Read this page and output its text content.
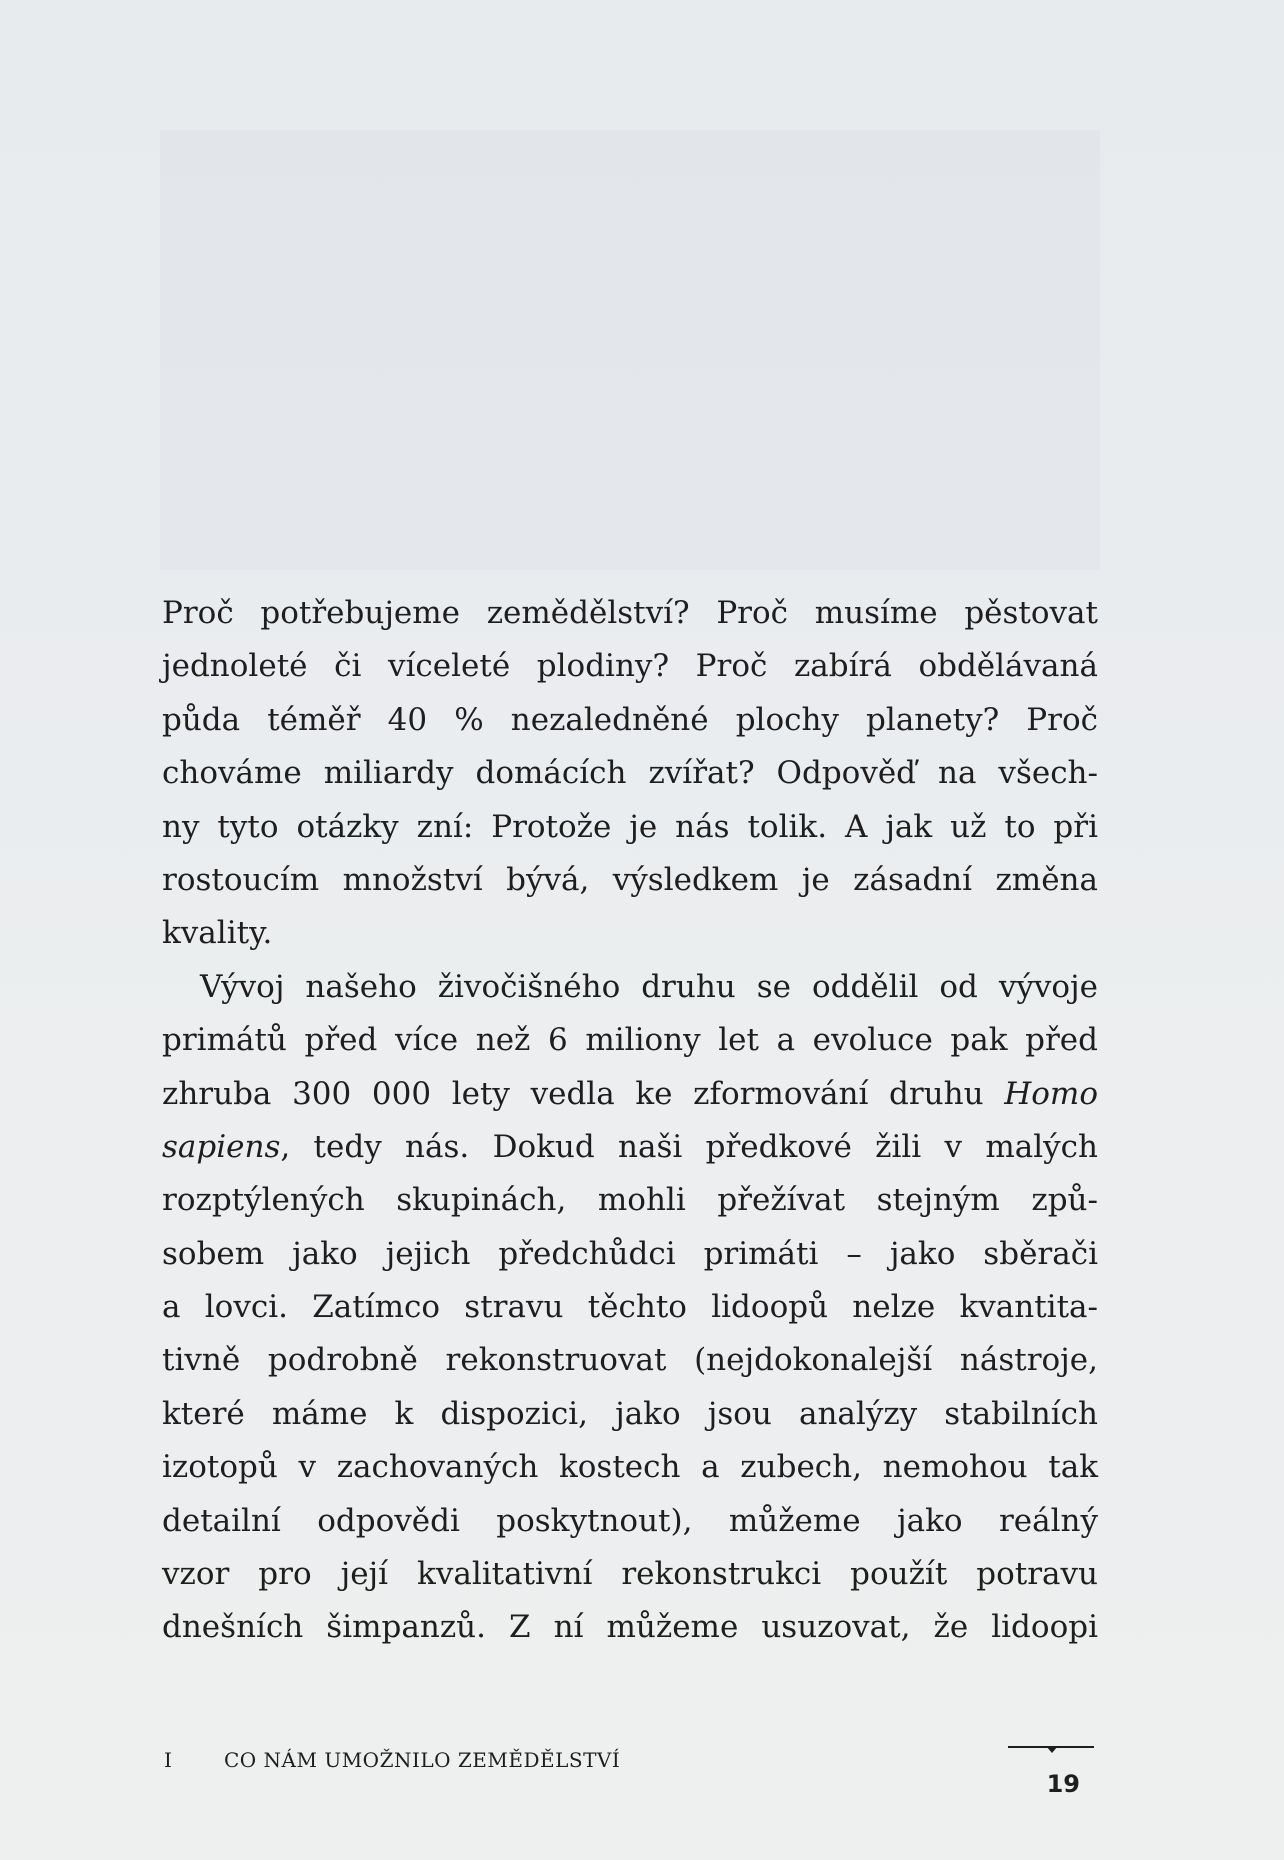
Proč potřebujeme zemědělství? Proč musíme pěstovat
jednoleté či víceleté plodiny? Proč zabírá obdělávaná
půda téměř 40 % nezaledněné plochy planety? Proč
chováme miliardy domácích zvířat? Odpověď na všech-
ny tyto otázky zní: Protože je nás tolik. A jak už to při
rostoucím množství bývá, výsledkem je zásadní změna
kvality.
Vývoj našeho živočišného druhu se oddělil od vývoje
primátů před více než 6 miliony let a evoluce pak před
zhruba 300 000 lety vedla ke zformování druhu Homo
sapiens, tedy nás. Dokud naši předkové žili v malých
rozptýlených skupinách, mohli přežívat stejným způ-
sobem jako jejich předchůdci primáti – jako sběrači
a lovci. Zatímco stravu těchto lidoopů nelze kvantita-
tivně podrobně rekonstruovat (nejdokonalejší nástroje,
které máme k dispozici, jako jsou analýzy stabilních
izotopů v zachovaných kostech a zubech, nemohou tak
detailní odpovědi poskytnout), můžeme jako reálný
vzor pro její kvalitativní rekonstrukci použít potravu
dnešních šimpanzů. Z ní můžeme usuzovat, že lidoopi
I	CO NÁM UMOŽNILO ZEMĚDĚLSTVÍ
19
